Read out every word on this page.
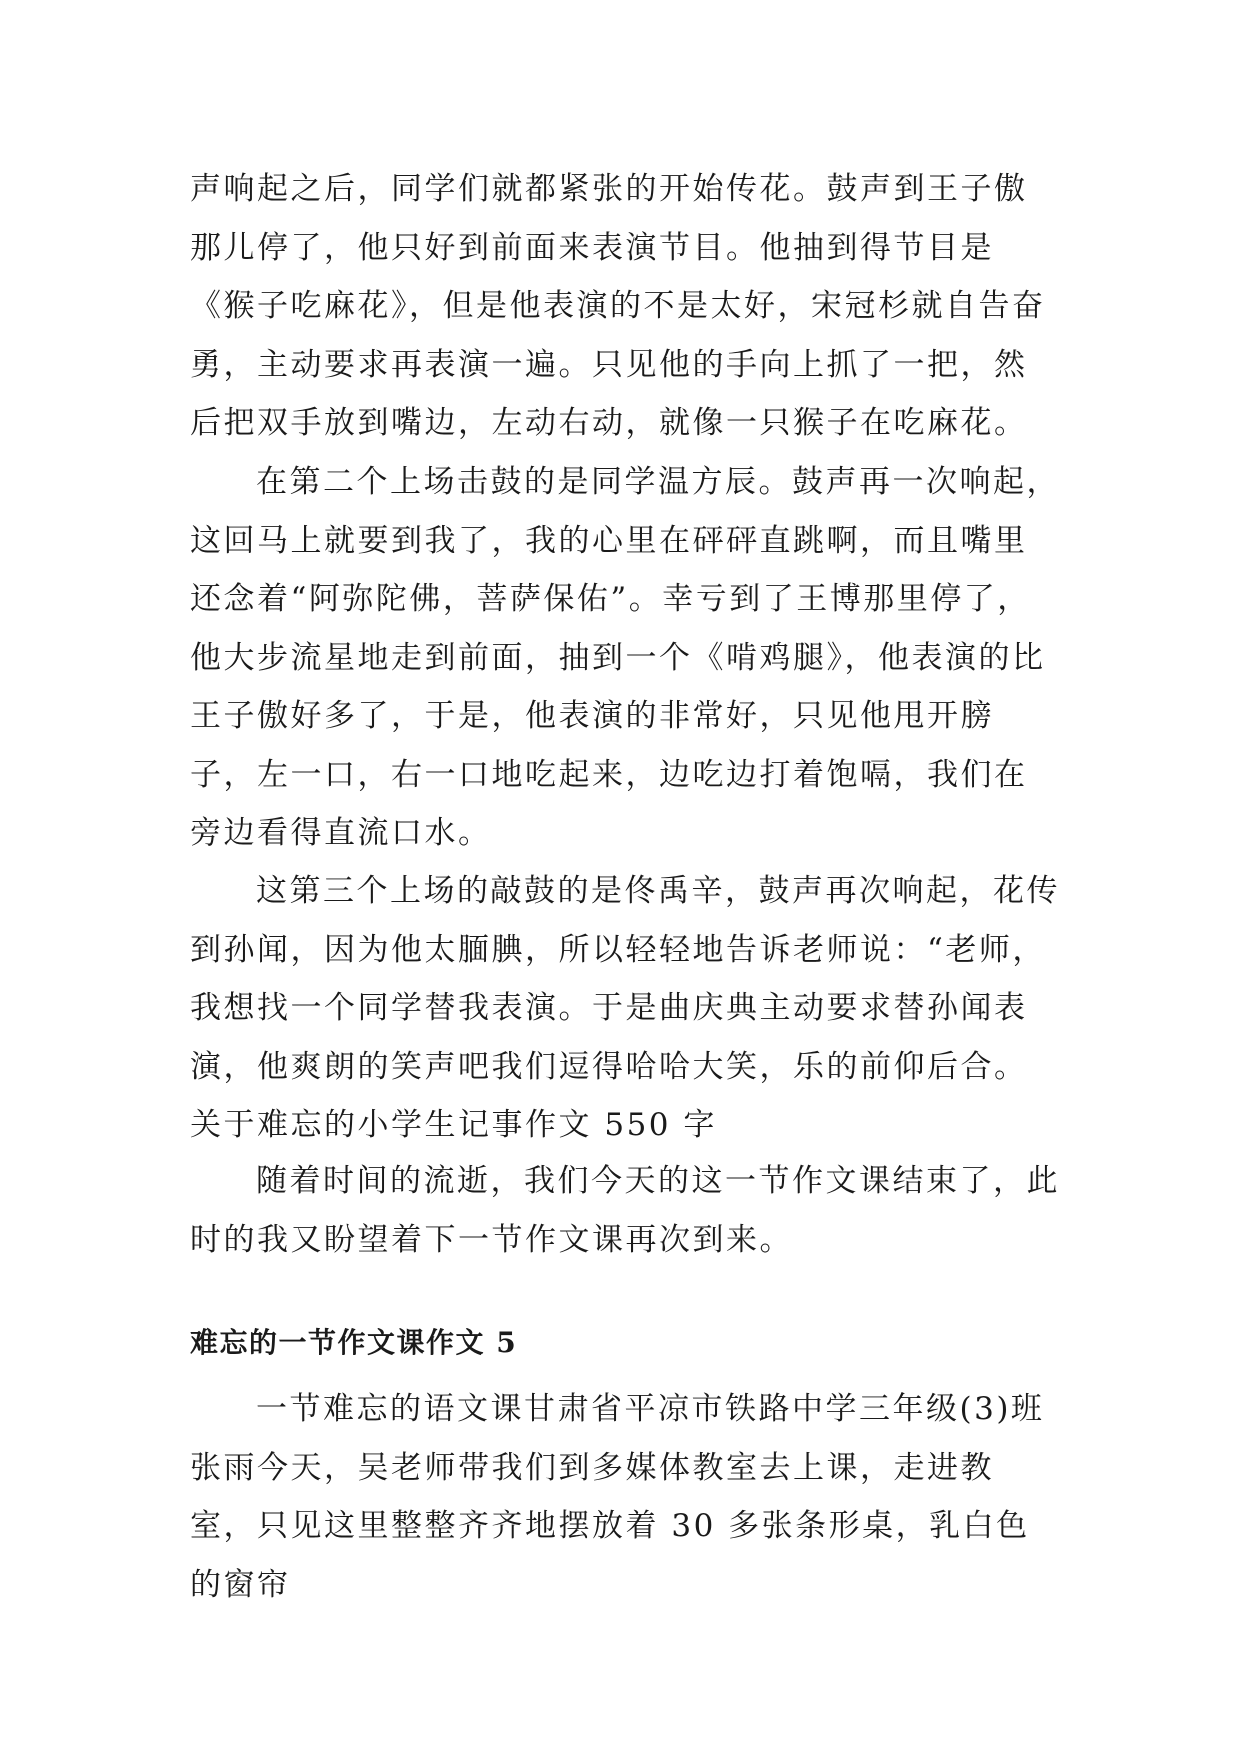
声响起之后，同学们就都紧张的开始传花。鼓声到王子傲那儿停了，他只好到前面来表演节目。他抽到得节目是《猴子吃麻花》，但是他表演的不是太好，宋冠杉就自告奋勇，主动要求再表演一遍。只见他的手向上抓了一把，然后把双手放到嘴边，左动右动，就像一只猴子在吃麻花。

在第二个上场击鼓的是同学温方辰。鼓声再一次响起，这回马上就要到我了，我的心里在砰砰直跳啊，而且嘴里还念着“阿弥陀佛，菩萨保佑”。幸亏到了王博那里停了，他大步流星地走到前面，抽到一个《啃鸡腿》，他表演的比王子傲好多了，于是，他表演的非常好，只见他甩开膀子，左一口，右一口地吃起来，边吃边打着饱嗝，我们在旁边看得直流口水。

这第三个上场的敲鼓的是佟禹辛，鼓声再次响起，花传到孙闻，因为他太腼腆，所以轻轻地告诉老师说：“老师，我想找一个同学替我表演。于是曲庆典主动要求替孙闻表演，他爽朗的笑声吧我们逗得哈哈大笑，乐的前仰后合。关于难忘的小学生记事作文 550 字

随着时间的流逝，我们今天的这一节作文课结束了，此时的我又盼望着下一节作文课再次到来。

难忘的一节作文课作文 5

一节难忘的语文课甘肃省平凉市铁路中学三年级(3)班张雨今天，吴老师带我们到多媒体教室去上课，走进教室，只见这里整整齐齐地摆放着 30 多张条形桌，乳白色的窗帘
